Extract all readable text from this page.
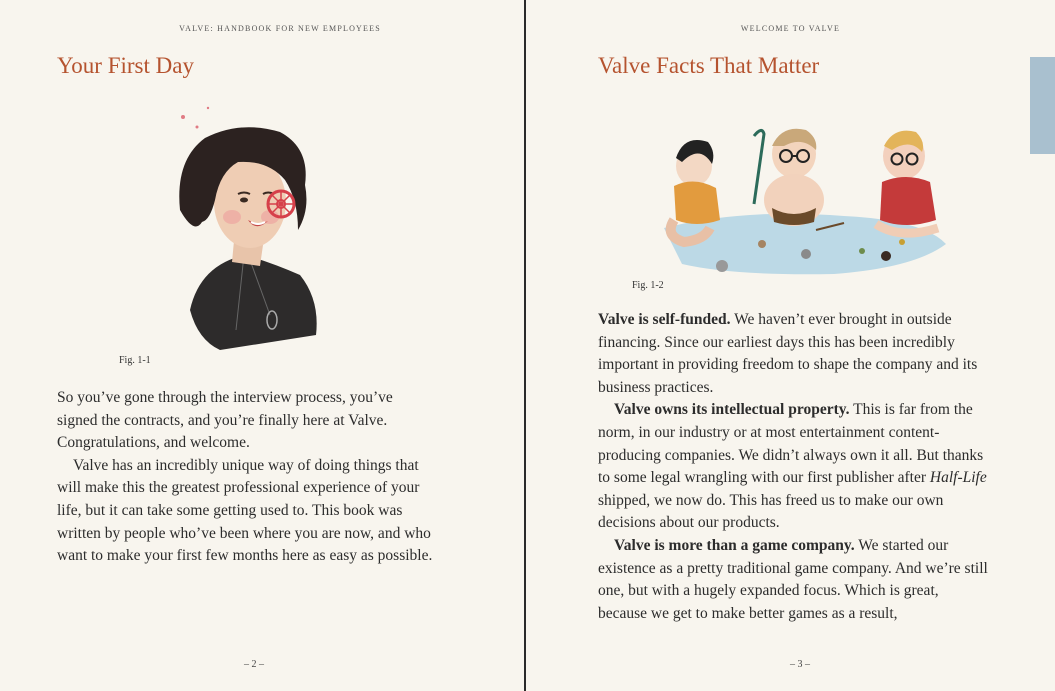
VALVE: HANDBOOK FOR NEW EMPLOYEES
Your First Day
Fig. 1-1

So you’ve gone through the interview process, you’ve signed the contracts, and you’re finally here at Valve. Congratulations, and welcome.

Valve has an incredibly unique way of doing things that will make this the greatest professional experience of your life, but it can take some getting used to. This book was written by people who’ve been where you are now, and who want to make your first few months here as easy as possible.

– 2 –
WELCOME TO VALVE
Valve Facts That Matter
Fig. 1-2

Valve is self-funded. We haven’t ever brought in outside financing. Since our earliest days this has been incredibly important in providing freedom to shape the company and its business practices.

Valve owns its intellectual property. This is far from the norm, in our industry or at most entertainment content-producing companies. We didn’t always own it all. But thanks to some legal wrangling with our first publisher after Half-Life shipped, we now do. This has freed us to make our own decisions about our products.

Valve is more than a game company. We started our existence as a pretty traditional game company. And we’re still one, but with a hugely expanded focus. Which is great, because we get to make better games as a result,

– 3 –
